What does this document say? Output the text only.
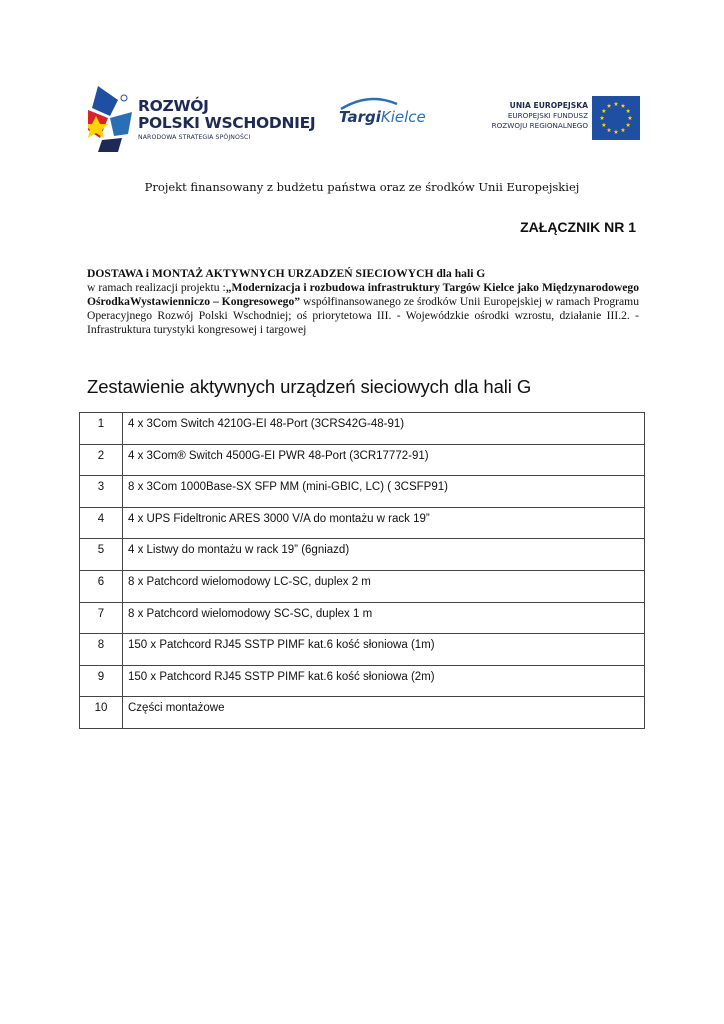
ROZWÓJ
POLSKI WSCHODNIEJ
NARODOWA STRATEGIA SPÓJNOŚCI
TargiKielce
UNIA EUROPEJSKA
EUROPEJSKI FUNDUSZ
ROZWOJU REGIONALNEGO
Projekt finansowany z budżetu państwa oraz ze środków Unii Europejskiej
ZAŁĄCZNIK NR 1
DOSTAWA i MONTAŻ AKTYWNYCH URZADZEŃ SIECIOWYCH dla hali G
w ramach realizacji projektu :„Modernizacja i rozbudowa infrastruktury Targów Kielce jako Międzynarodowego OśrodkaWystawienniczo – Kongresowego” współfinansowanego ze środków Unii Europejskiej w ramach Programu Operacyjnego Rozwój Polski Wschodniej; oś priorytetowa III. - Wojewódzkie ośrodki wzrostu, działanie III.2. - Infrastruktura turystyki kongresowej i targowej
Zestawienie aktywnych urządzeń sieciowych dla hali G
1	4 x 3Com Switch 4210G-EI 48-Port (3CRS42G-48-91)
2	4 x 3Com® Switch 4500G-EI PWR 48-Port (3CR17772-91)
3	8 x 3Com 1000Base-SX SFP MM (mini-GBIC, LC) ( 3CSFP91)
4	4 x UPS Fideltronic ARES 3000 V/A do montażu w rack 19”
5	4 x Listwy do montażu w rack 19” (6gniazd)
6	8 x Patchcord wielomodowy LC-SC, duplex 2 m
7	8 x Patchcord wielomodowy SC-SC, duplex 1 m
8	150 x Patchcord RJ45 SSTP PIMF kat.6 kość słoniowa (1m)
9	150 x Patchcord RJ45 SSTP PIMF kat.6 kość słoniowa (2m)
10	Części montażowe
